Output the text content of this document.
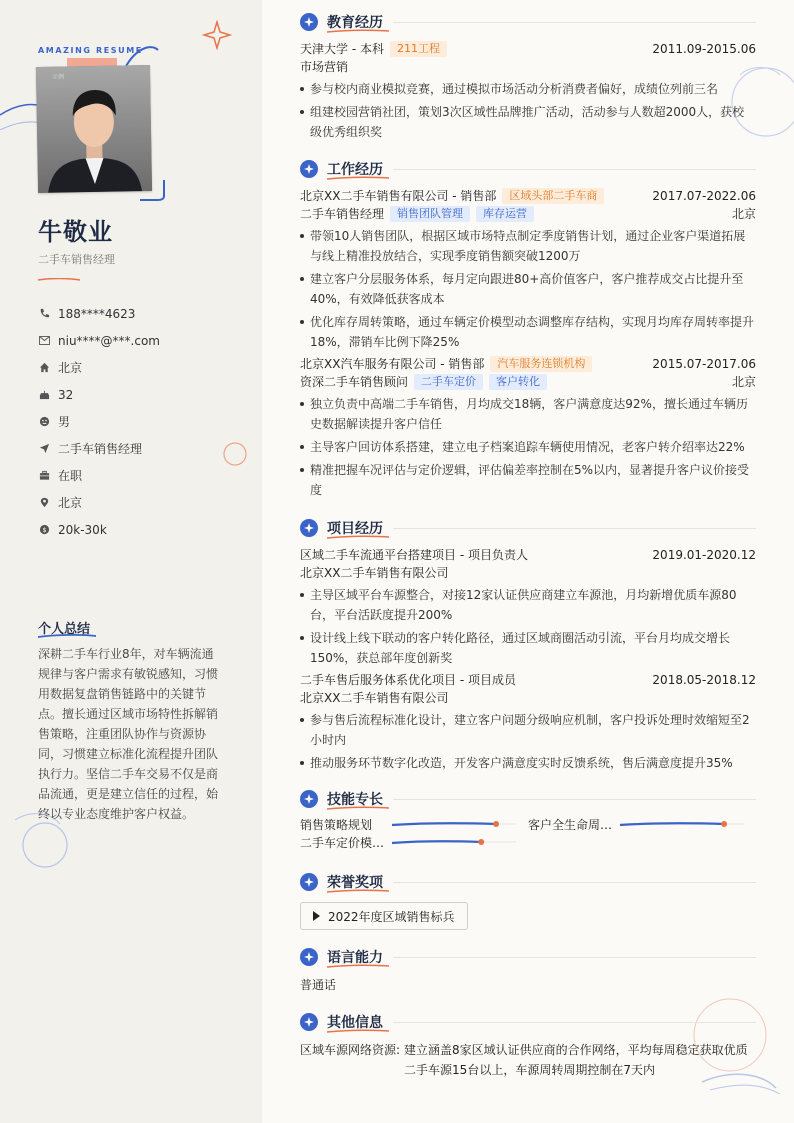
AMAZING RESUME
示例
牛敬业
二手车销售经理
188****4623
niu****@***.com
北京
32
男
二手车销售经理
在职
北京
$ 20k-30k
个人总结
深耕二手车行业8年，对车辆流通规律与客户需求有敏锐感知，习惯用数据复盘销售链路中的关键节点。擅长通过区域市场特性拆解销售策略，注重团队协作与资源协同，习惯建立标准化流程提升团队执行力。坚信二手车交易不仅是商品流通，更是建立信任的过程，始终以专业态度维护客户权益。
教育经历
天津大学 - 本科	211工程	2011.09-2015.06
市场营销
参与校内商业模拟竞赛，通过模拟市场活动分析消费者偏好，成绩位列前三名
组建校园营销社团，策划3次区域性品牌推广活动，活动参与人数超2000人，获校级优秀组织奖
工作经历
北京XX二手车销售有限公司 - 销售部	区域头部二手车商	2017.07-2022.06
二手车销售经理	销售团队管理	库存运营	北京
带领10人销售团队，根据区域市场特点制定季度销售计划，通过企业客户渠道拓展与线上精准投放结合，实现季度销售额突破1200万
建立客户分层服务体系，每月定向跟进80+高价值客户，客户推荐成交占比提升至40%，有效降低获客成本
优化库存周转策略，通过车辆定价模型动态调整库存结构，实现月均库存周转率提升18%，滞销车比例下降25%
北京XX汽车服务有限公司 - 销售部	汽车服务连锁机构	2015.07-2017.06
资深二手车销售顾问	二手车定价	客户转化	北京
独立负责中高端二手车销售，月均成交18辆，客户满意度达92%，擅长通过车辆历史数据解读提升客户信任
主导客户回访体系搭建，建立电子档案追踪车辆使用情况，老客户转介绍率达22%
精准把握车况评估与定价逻辑，评估偏差率控制在5%以内，显著提升客户议价接受度
项目经历
区域二手车流通平台搭建项目 - 项目负责人	2019.01-2020.12
北京XX二手车销售有限公司
主导区域平台车源整合，对接12家认证供应商建立车源池，月均新增优质车源80台，平台活跃度提升200%
设计线上线下联动的客户转化路径，通过区域商圈活动引流，平台月均成交增长150%，获总部年度创新奖
二手车售后服务体系优化项目 - 项目成员	2018.05-2018.12
北京XX二手车销售有限公司
参与售后流程标准化设计，建立客户问题分级响应机制，客户投诉处理时效缩短至2小时内
推动服务环节数字化改造，开发客户满意度实时反馈系统，售后满意度提升35%
技能专长
销售策略规划	客户全生命周…
二手车定价模…
荣誉奖项
2022年度区域销售标兵
语言能力
普通话
其他信息
区域车源网络资源: 建立涵盖8家区域认证供应商的合作网络，平均每周稳定获取优质二手车源15台以上，车源周转周期控制在7天内
